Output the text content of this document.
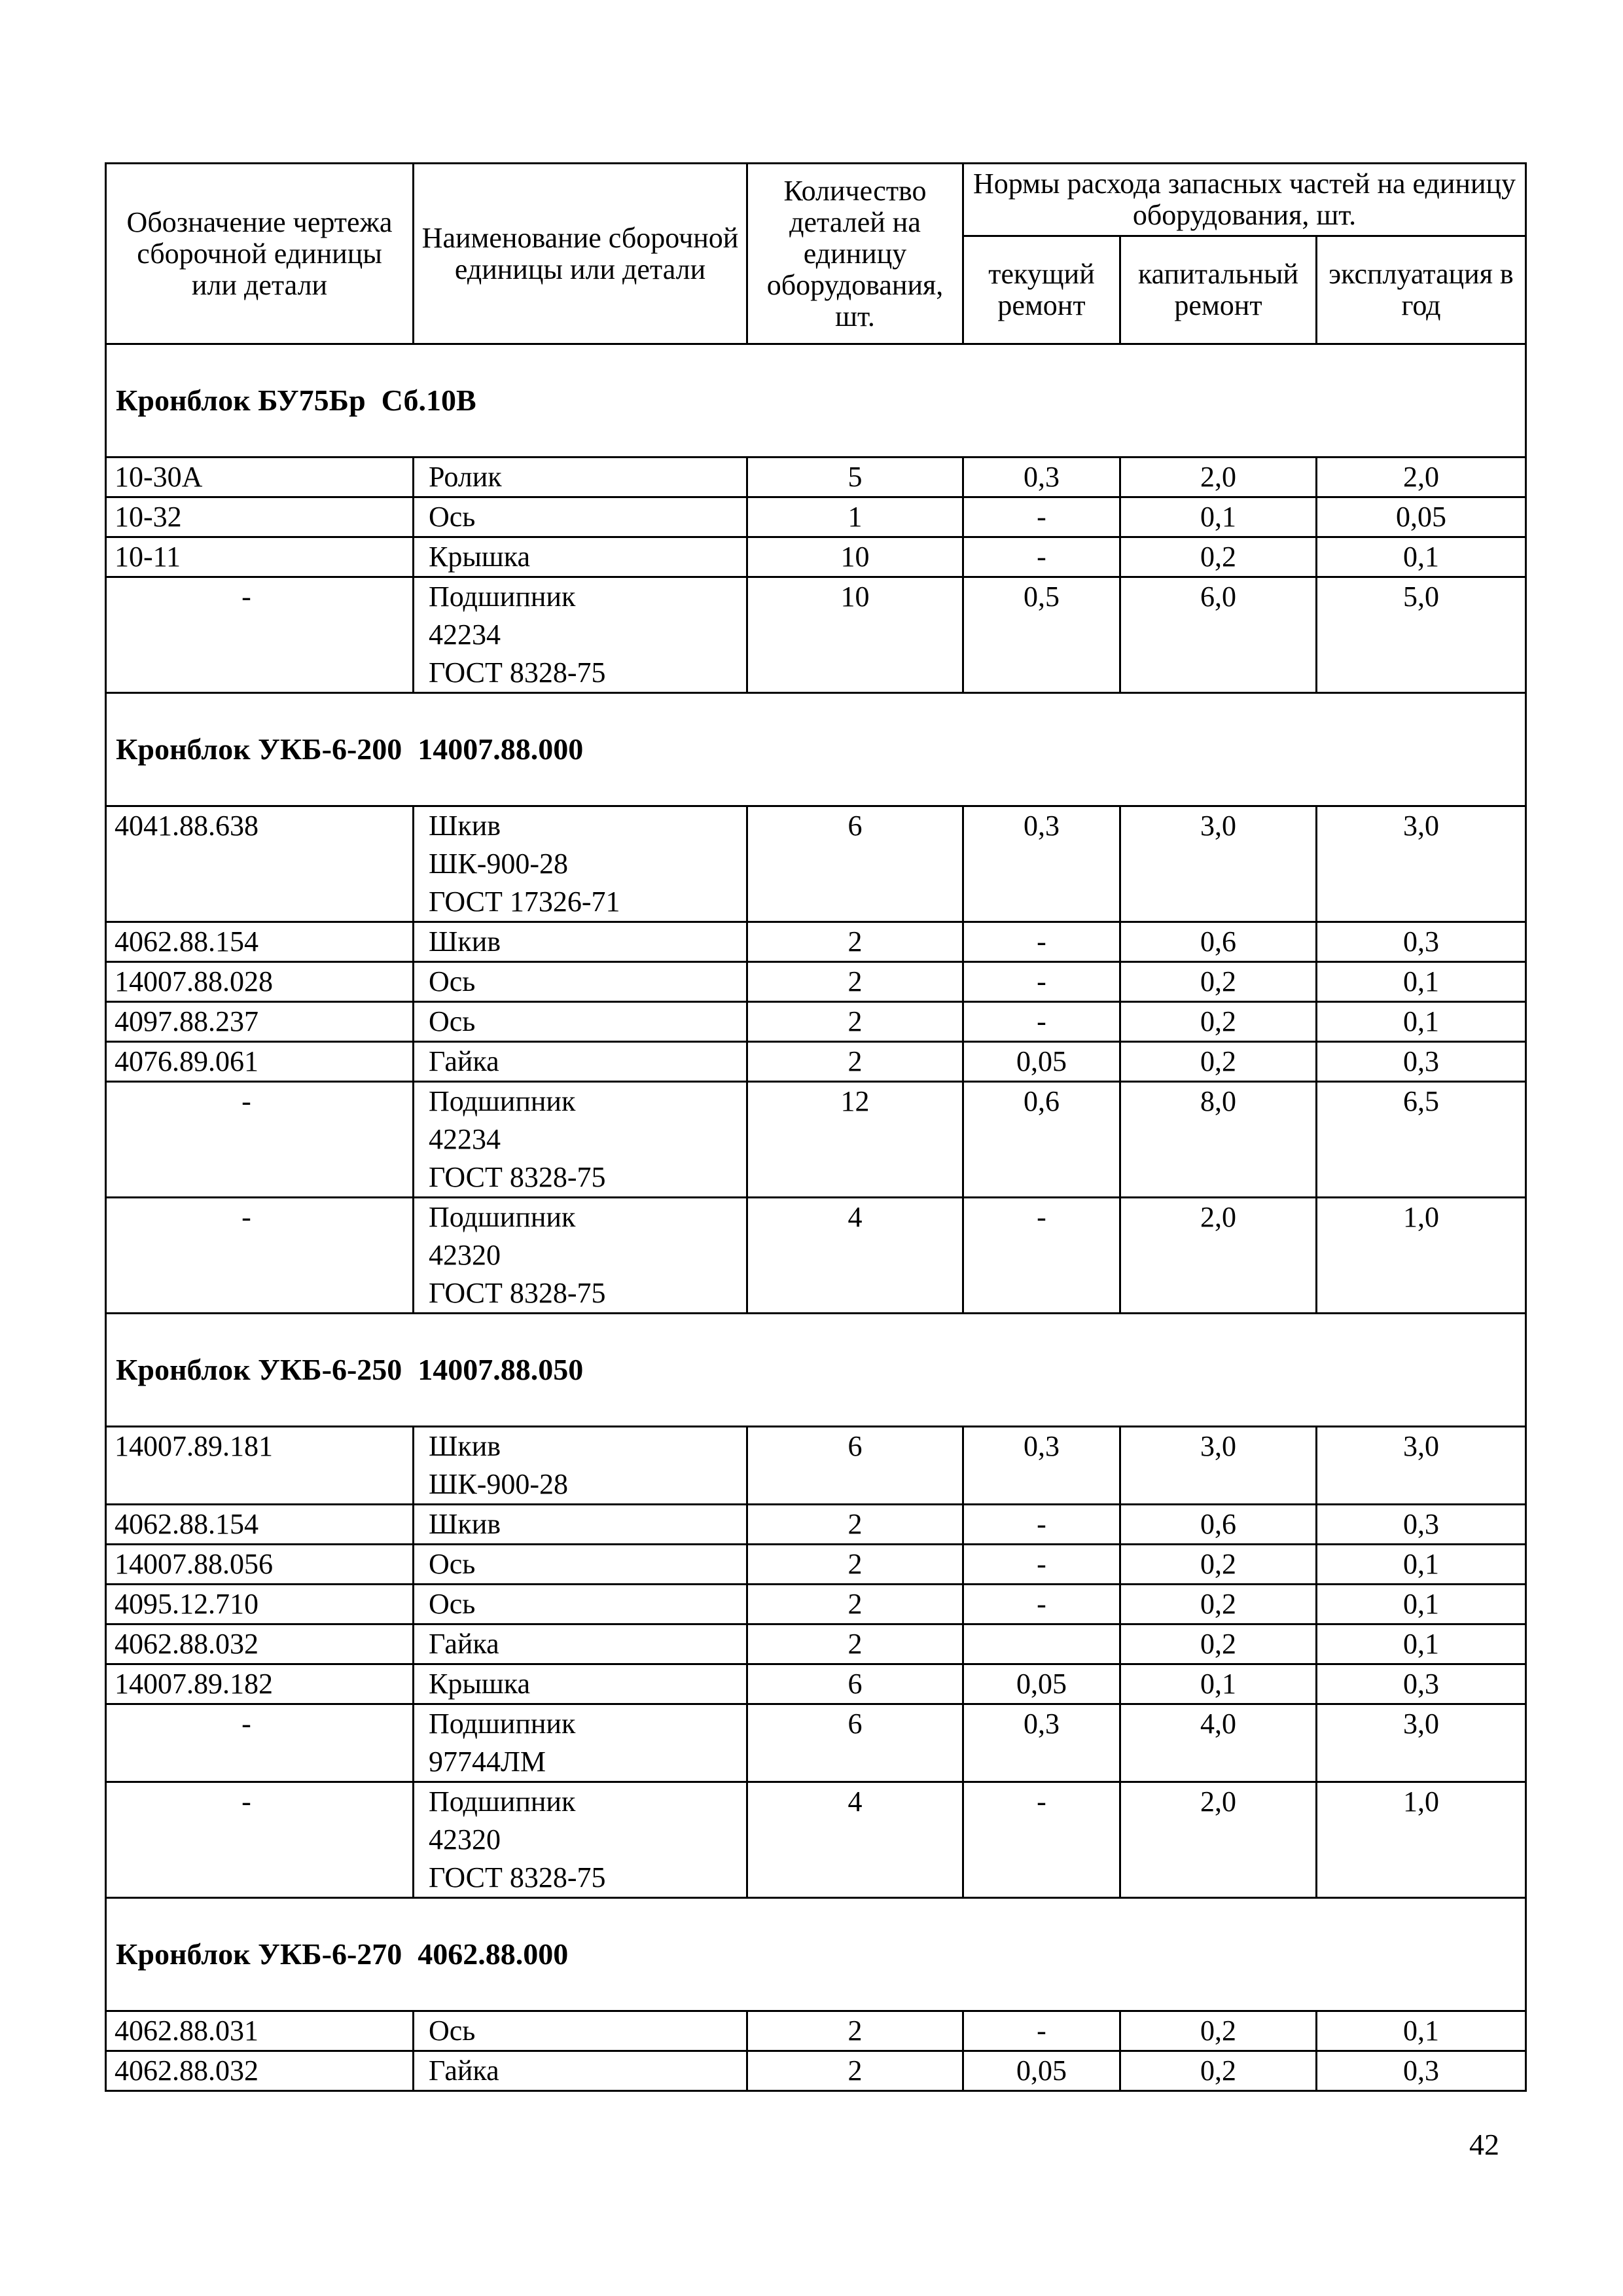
Обозначение чертежа сборочной единицы или детали	Наименование сборочной единицы или детали	Количество деталей на единицу оборудования, шт.	Нормы расхода запасных частей на единицу оборудования, шт.		
			текущий ремонт	капитальный ремонт	эксплуатация в год
Кронблок БУ75Бр Сб.10В					
10-30А	Ролик	5	0,3	2,0	2,0
10-32	Ось	1	-	0,1	0,05
10-11	Крышка	10	-	0,2	0,1
-	Подшипник
42234
ГОСТ 8328-75	10	0,5	6,0	5,0
Кронблок УКБ-6-200 14007.88.000					
4041.88.638	Шкив
ШК-900-28
ГОСТ 17326-71	6	0,3	3,0	3,0
4062.88.154	Шкив	2	-	0,6	0,3
14007.88.028	Ось	2	-	0,2	0,1
4097.88.237	Ось	2	-	0,2	0,1
4076.89.061	Гайка	2	0,05	0,2	0,3
-	Подшипник
42234
ГОСТ 8328-75	12	0,6	8,0	6,5
-	Подшипник
42320
ГОСТ 8328-75	4	-	2,0	1,0
Кронблок УКБ-6-250 14007.88.050					
14007.89.181	Шкив
ШК-900-28	6	0,3	3,0	3,0
4062.88.154	Шкив	2	-	0,6	0,3
14007.88.056	Ось	2	-	0,2	0,1
4095.12.710	Ось	2	-	0,2	0,1
4062.88.032	Гайка	2		0,2	0,1
14007.89.182	Крышка	6	0,05	0,1	0,3
-	Подшипник
97744ЛМ	6	0,3	4,0	3,0
-	Подшипник
42320
ГОСТ 8328-75	4	-	2,0	1,0
Кронблок УКБ-6-270 4062.88.000					
4062.88.031	Ось	2	-	0,2	0,1
4062.88.032	Гайка	2	0,05	0,2	0,3
42
